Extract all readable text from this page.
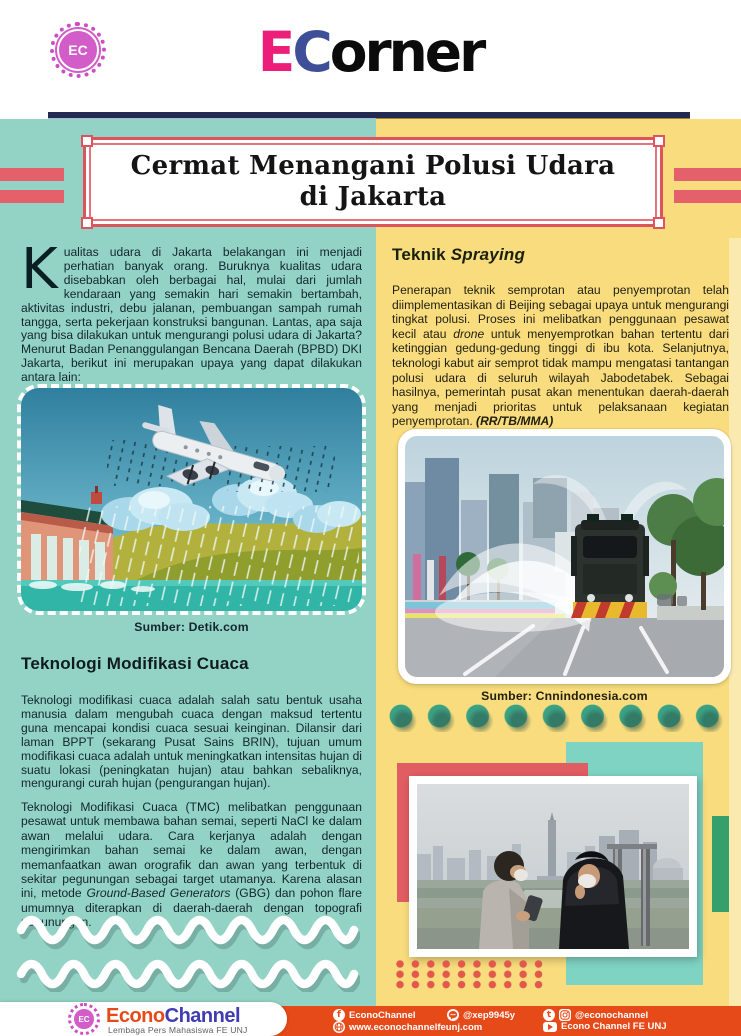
EC	ECorner
Cermat Menangani Polusi Udara
di Jakarta
Kualitas udara di Jakarta belakangan ini menjadi perhatian banyak orang. Buruknya kualitas udara disebabkan oleh berbagai hal, mulai dari jumlah kendaraan yang semakin hari semakin bertambah, aktivitas industri, debu jalanan, pembuangan sampah rumah tangga, serta pekerjaan konstruksi bangunan. Lantas, apa saja yang bisa dilakukan untuk mengurangi polusi udara di Jakarta? Menurut Badan Penanggulangan Bencana Daerah (BPBD) DKI Jakarta, berikut ini merupakan upaya yang dapat dilakukan antara lain:
Sumber: Detik.com
Teknologi Modifikasi Cuaca
Teknologi modifikasi cuaca adalah salah satu bentuk usaha manusia dalam mengubah cuaca dengan maksud tertentu guna mencapai kondisi cuaca sesuai keinginan. Dilansir dari laman BPPT (sekarang Pusat Sains BRIN), tujuan umum modifikasi cuaca adalah untuk meningkatkan intensitas hujan di suatu lokasi (peningkatan hujan) atau bahkan sebaliknya, mengurangi curah hujan (pengurangan hujan).
Teknologi Modifikasi Cuaca (TMC) melibatkan penggunaan pesawat untuk membawa bahan semai, seperti NaCl ke dalam awan melalui udara. Cara kerjanya adalah dengan mengirimkan bahan semai ke dalam awan, dengan memanfaatkan awan orografik dan awan yang terbentuk di sekitar pegunungan sebagai target utamanya. Karena alasan ini, metode Ground-Based Generators (GBG) dan pohon flare umumnya diterapkan di daerah-daerah dengan topografi pegunungan.
Teknik Spraying
Penerapan teknik semprotan atau penyemprotan telah diimplementasikan di Beijing sebagai upaya untuk mengurangi tingkat polusi. Proses ini melibatkan penggunaan pesawat kecil atau drone untuk menyemprotkan bahan tertentu dari ketinggian gedung-gedung tinggi di ibu kota. Selanjutnya, teknologi kabut air semprot tidak mampu mengatasi tantangan polusi udara di seluruh wilayah Jabodetabek. Sebagai hasilnya, pemerintah pusat akan menentukan daerah-daerah yang menjadi prioritas untuk pelaksanaan kegiatan penyemprotan. (RR/TB/MMA)
Sumber: Cnnindonesia.com
EC EconoChannel
Lembaga Pers Mahasiswa FE UNJ
f EconoChannel
www.econochannelfeunj.com
@xep9945y	t	@econochannel
Econo Channel FE UNJ
